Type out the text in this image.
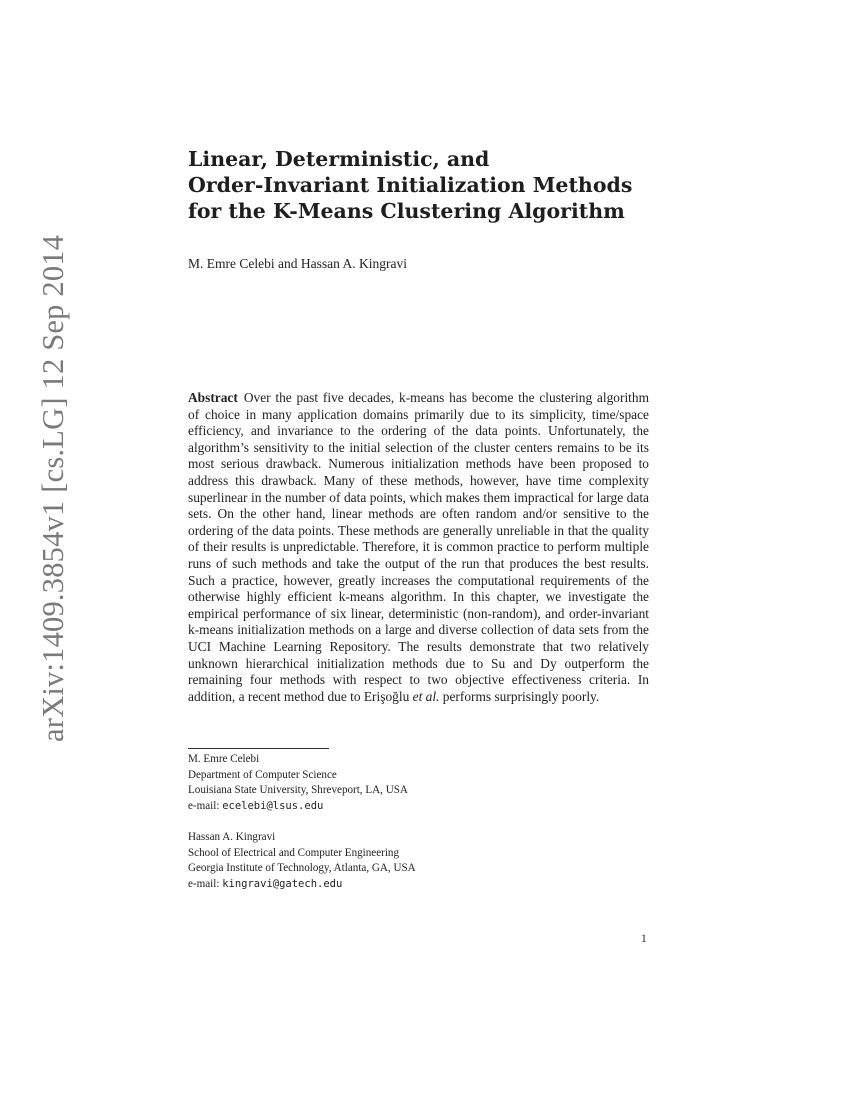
arXiv:1409.3854v1 [cs.LG] 12 Sep 2014
Linear, Deterministic, and
Order-Invariant Initialization Methods
for the K-Means Clustering Algorithm
M. Emre Celebi and Hassan A. Kingravi

Abstract Over the past five decades, k-means has become the clustering algorithm of choice in many application domains primarily due to its simplicity, time/space efficiency, and invariance to the ordering of the data points. Unfortunately, the algorithm’s sensitivity to the initial selection of the cluster centers remains to be its most serious drawback. Numerous initialization methods have been proposed to address this drawback. Many of these methods, however, have time complexity superlinear in the number of data points, which makes them impractical for large data sets. On the other hand, linear methods are often random and/or sensitive to the ordering of the data points. These methods are generally unreliable in that the quality of their results is unpredictable. Therefore, it is common practice to perform multiple runs of such methods and take the output of the run that produces the best results. Such a practice, however, greatly increases the computational requirements of the otherwise highly efficient k-means algorithm. In this chapter, we investigate the empirical performance of six linear, deterministic (non-random), and order-invariant k-means initialization methods on a large and diverse collection of data sets from the UCI Machine Learning Repository. The results demonstrate that two relatively unknown hierarchical initialization methods due to Su and Dy outperform the remaining four methods with respect to two objective effectiveness criteria. In addition, a recent method due to Erişoğlu et al. performs surprisingly poorly.

M. Emre Celebi
Department of Computer Science
Louisiana State University, Shreveport, LA, USA
e-mail: ecelebi@lsus.edu
Hassan A. Kingravi
School of Electrical and Computer Engineering
Georgia Institute of Technology, Atlanta, GA, USA
e-mail: kingravi@gatech.edu
1
